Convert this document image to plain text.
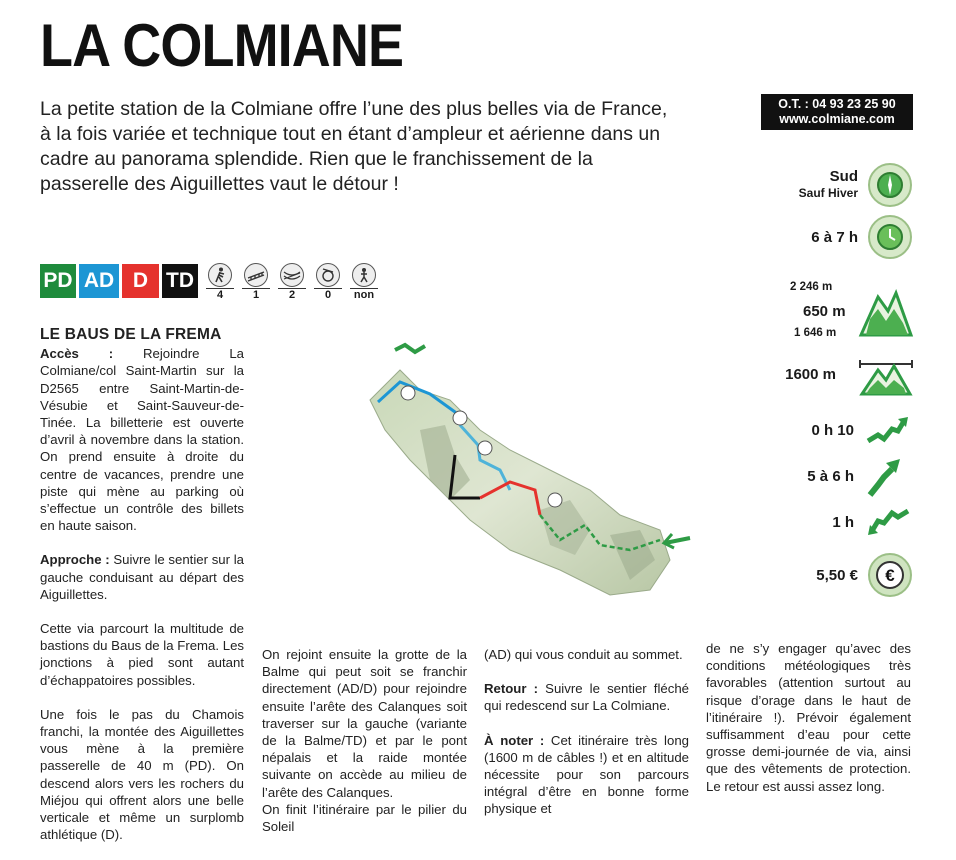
LA COLMIANE
La petite station de la Colmiane offre l’une des plus belles via de France, à la fois variée et technique tout en étant d’ampleur et aérienne dans un cadre au panorama splendide. Rien que le franchissement de la passerelle des Aiguillettes vaut le détour !
O.T. : 04 93 23 25 90
www.colmiane.com
PD AD D TD
4	1	2	0	non
LE BAUS DE LA FREMA

Accès : Rejoindre La Colmiane/col Saint-Martin sur la D2565 entre Saint-Martin-de-Vésubie et Saint-Sauveur-de-Tinée. La billetterie est ouverte d’avril à novembre dans la station. On prend ensuite à droite du centre de vacances, prendre une piste qui mène au parking où s’effectue un contrôle des billets en haute saison.

Approche : Suivre le sentier sur la gauche conduisant au départ des Aiguillettes.

Cette via parcourt la multitude de bastions du Baus de la Frema. Les jonctions à pied sont autant d’échappatoires possibles.

Une fois le pas du Chamois franchi, la montée des Aiguillettes vous mène à la première passerelle de 40 m (PD). On descend alors vers les rochers du Miéjou qui offrent alors une belle verticale et même un surplomb athlétique (D).

On rejoint ensuite la grotte de la Balme qui peut soit se franchir directement (AD/D) pour rejoindre ensuite l’arête des Calanques soit traverser sur la gauche (variante de la Balme/TD) et par le pont népalais et la raide montée suivante on accède au milieu de l’arête des Calanques.

On finit l’itinéraire par le pilier du Soleil

(AD) qui vous conduit au sommet.

Retour : Suivre le sentier fléché qui redescend sur La Colmiane.

À noter : Cet itinéraire très long (1600 m de câbles !) et en altitude nécessite pour son parcours intégral d’être en bonne forme physique et

de ne s’y engager qu’avec des conditions météologiques très favorables (attention surtout au risque d’orage dans le haut de l’itinéraire !). Prévoir également suffisamment d’eau pour cette grosse demi-journée de via, ainsi que des vêtements de protection. Le retour est aussi assez long.

Sud
Sauf Hiver
6 à 7 h
2 246 m
650 m
1 646 m
1600 m
0 h 10
5 à 6 h
1 h
5,50 € €
